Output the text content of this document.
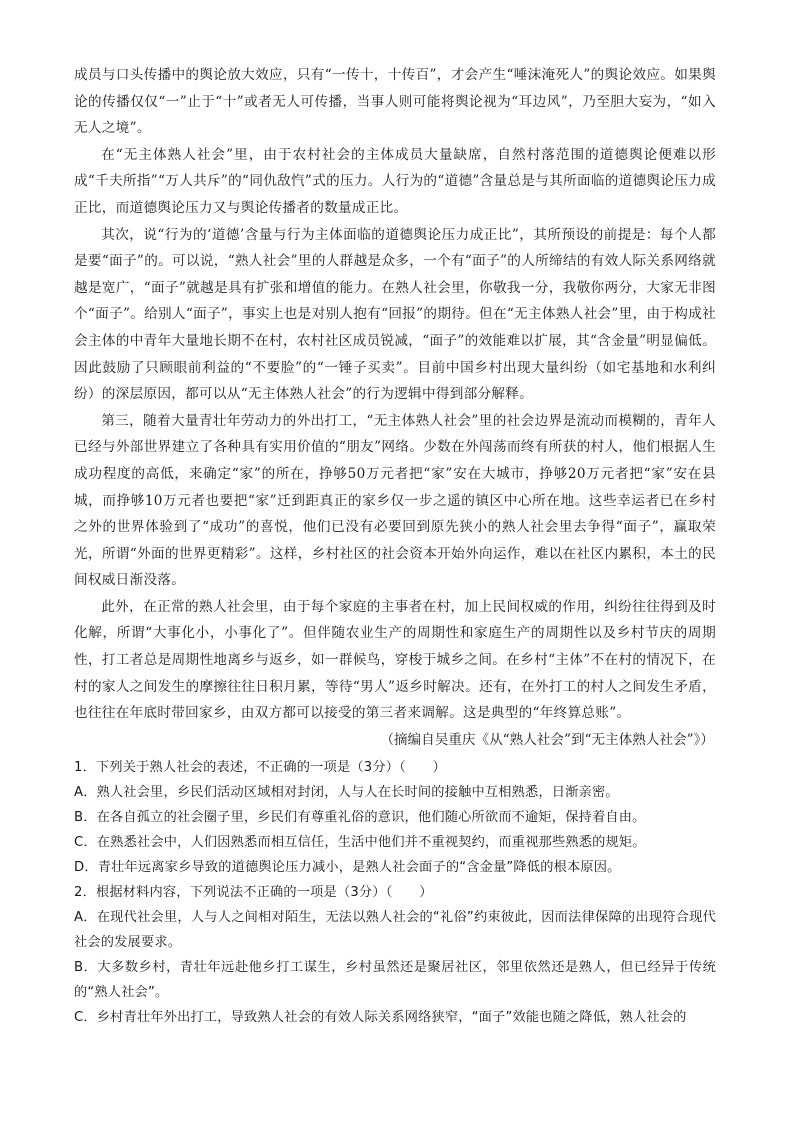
成员与口头传播中的舆论放大效应，只有“一传十，十传百”，才会产生“唾沫淹死人”的舆论效应。如果舆论的传播仅仅“一”止于“十”或者无人可传播，当事人则可能将舆论视为“耳边风”，乃至胆大妄为，“如入无人之境”。

在“无主体熟人社会”里，由于农村社会的主体成员大量缺席，自然村落范围的道德舆论便难以形成“千夫所指”“万人共斥”的“同仇敌忾”式的压力。人行为的“道德”含量总是与其所面临的道德舆论压力成正比，而道德舆论压力又与舆论传播者的数量成正比。

其次，说“行为的‘道德’含量与行为主体面临的道德舆论压力成正比”，其所预设的前提是：每个人都是要“面子”的。可以说，“熟人社会”里的人群越是众多，一个有“面子”的人所缔结的有效人际关系网络就越是宽广，“面子”就越是具有扩张和增值的能力。在熟人社会里，你敬我一分，我敬你两分，大家无非图个“面子”。给别人“面子”，事实上也是对别人抱有“回报”的期待。但在“无主体熟人社会”里，由于构成社会主体的中青年大量地长期不在村，农村社区成员锐减，“面子”的效能难以扩展，其“含金量”明显偏低。因此鼓励了只顾眼前利益的“不要脸”的“一锤子买卖”。目前中国乡村出现大量纠纷（如宅基地和水利纠纷）的深层原因，都可以从“无主体熟人社会”的行为逻辑中得到部分解释。

第三，随着大量青壮年劳动力的外出打工，“无主体熟人社会”里的社会边界是流动而模糊的，青年人已经与外部世界建立了各种具有实用价值的“朋友”网络。少数在外闯荡而终有所获的村人，他们根据人生成功程度的高低，来确定“家”的所在，挣够50万元者把“家”安在大城市，挣够20万元者把“家”安在县城，而挣够10万元者也要把“家”迁到距真正的家乡仅一步之遥的镇区中心所在地。这些幸运者已在乡村之外的世界体验到了“成功”的喜悦，他们已没有必要回到原先狭小的熟人社会里去争得“面子”，赢取荣光，所谓“外面的世界更精彩”。这样，乡村社区的社会资本开始外向运作，难以在社区内累积，本土的民间权威日渐没落。

此外，在正常的熟人社会里，由于每个家庭的主事者在村，加上民间权威的作用，纠纷往往得到及时化解，所谓“大事化小，小事化了”。但伴随农业生产的周期性和家庭生产的周期性以及乡村节庆的周期性，打工者总是周期性地离乡与返乡，如一群候鸟，穿梭于城乡之间。在乡村“主体”不在村的情况下，在村的家人之间发生的摩擦往往日积月累，等待“男人”返乡时解决。还有，在外打工的村人之间发生矛盾，也往往在年底时带回家乡，由双方都可以接受的第三者来调解。这是典型的“年终算总账”。

（摘编自吴重庆《从“熟人社会”到“无主体熟人社会”》）

1．下列关于熟人社会的表述，不正确的一项是（3分）（　　）

A．熟人社会里，乡民们活动区域相对封闭，人与人在长时间的接触中互相熟悉，日渐亲密。

B．在各自孤立的社会圈子里，乡民们有尊重礼俗的意识，他们随心所欲而不逾矩，保持着自由。

C．在熟悉社会中，人们因熟悉而相互信任，生活中他们并不重视契约，而重视那些熟悉的规矩。

D．青壮年远离家乡导致的道德舆论压力减小，是熟人社会面子的“含金量”降低的根本原因。

2．根据材料内容，下列说法不正确的一项是（3分）（　　）

A．在现代社会里，人与人之间相对陌生，无法以熟人社会的“礼俗”约束彼此，因而法律保障的出现符合现代社会的发展要求。

B．大多数乡村，青壮年远赴他乡打工谋生，乡村虽然还是聚居社区，邻里依然还是熟人，但已经异于传统的“熟人社会”。

C．乡村青壮年外出打工，导致熟人社会的有效人际关系网络狭窄，“面子”效能也随之降低，熟人社会的
